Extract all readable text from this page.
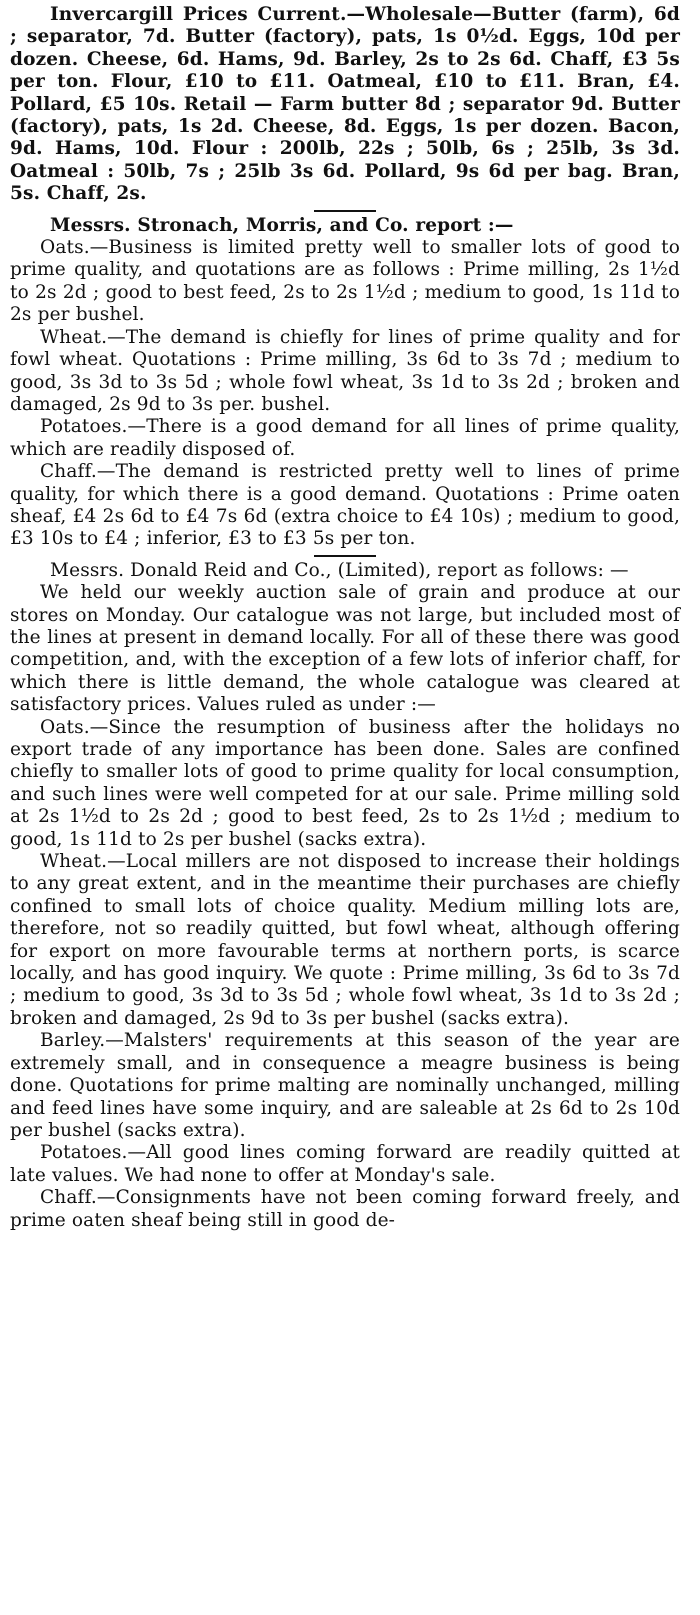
Invercargill Prices Current.—Wholesale—Butter (farm), 6d ; separator, 7d. Butter (factory), pats, 1s 0½d. Eggs, 10d per dozen. Cheese, 6d. Hams, 9d. Barley, 2s to 2s 6d. Chaff, £3 5s per ton. Flour, £10 to £11. Oatmeal, £10 to £11. Bran, £4. Pollard, £5 10s. Retail — Farm butter 8d ; separator 9d. Butter (factory), pats, 1s 2d. Cheese, 8d. Eggs, 1s per dozen. Bacon, 9d. Hams, 10d. Flour : 200lb, 22s ; 50lb, 6s ; 25lb, 3s 3d. Oatmeal : 50lb, 7s ; 25lb 3s 6d. Pollard, 9s 6d per bag. Bran, 5s. Chaff, 2s.

Messrs. Stronach, Morris, and Co. report :—

Oats.—Business is limited pretty well to smaller lots of good to prime quality, and quotations are as follows : Prime milling, 2s 1½d to 2s 2d ; good to best feed, 2s to 2s 1½d ; medium to good, 1s 11d to 2s per bushel.

Wheat.—The demand is chiefly for lines of prime quality and for fowl wheat. Quotations : Prime milling, 3s 6d to 3s 7d ; medium to good, 3s 3d to 3s 5d ; whole fowl wheat, 3s 1d to 3s 2d ; broken and damaged, 2s 9d to 3s per. bushel.

Potatoes.—There is a good demand for all lines of prime quality, which are readily disposed of.

Chaff.—The demand is restricted pretty well to lines of prime quality, for which there is a good demand. Quotations : Prime oaten sheaf, £4 2s 6d to £4 7s 6d (extra choice to £4 10s) ; medium to good, £3 10s to £4 ; inferior, £3 to £3 5s per ton.

Messrs. Donald Reid and Co., (Limited), report as follows: —

We held our weekly auction sale of grain and produce at our stores on Monday. Our catalogue was not large, but included most of the lines at present in demand locally. For all of these there was good competition, and, with the exception of a few lots of inferior chaff, for which there is little demand, the whole catalogue was cleared at satisfactory prices. Values ruled as under :—

Oats.—Since the resumption of business after the holidays no export trade of any importance has been done. Sales are confined chiefly to smaller lots of good to prime quality for local consumption, and such lines were well competed for at our sale. Prime milling sold at 2s 1½d to 2s 2d ; good to best feed, 2s to 2s 1½d ; medium to good, 1s 11d to 2s per bushel (sacks extra).

Wheat.—Local millers are not disposed to increase their holdings to any great extent, and in the meantime their purchases are chiefly confined to small lots of choice quality. Medium milling lots are, therefore, not so readily quitted, but fowl wheat, although offering for export on more favourable terms at northern ports, is scarce locally, and has good inquiry. We quote : Prime milling, 3s 6d to 3s 7d ; medium to good, 3s 3d to 3s 5d ; whole fowl wheat, 3s 1d to 3s 2d ; broken and damaged, 2s 9d to 3s per bushel (sacks extra).

Barley.—Malsters' requirements at this season of the year are extremely small, and in consequence a meagre business is being done. Quotations for prime malting are nominally unchanged, milling and feed lines have some inquiry, and are saleable at 2s 6d to 2s 10d per bushel (sacks extra).

Potatoes.—All good lines coming forward are readily quitted at late values. We had none to offer at Monday's sale.

Chaff.—Consignments have not been coming forward freely, and prime oaten sheaf being still in good de-
